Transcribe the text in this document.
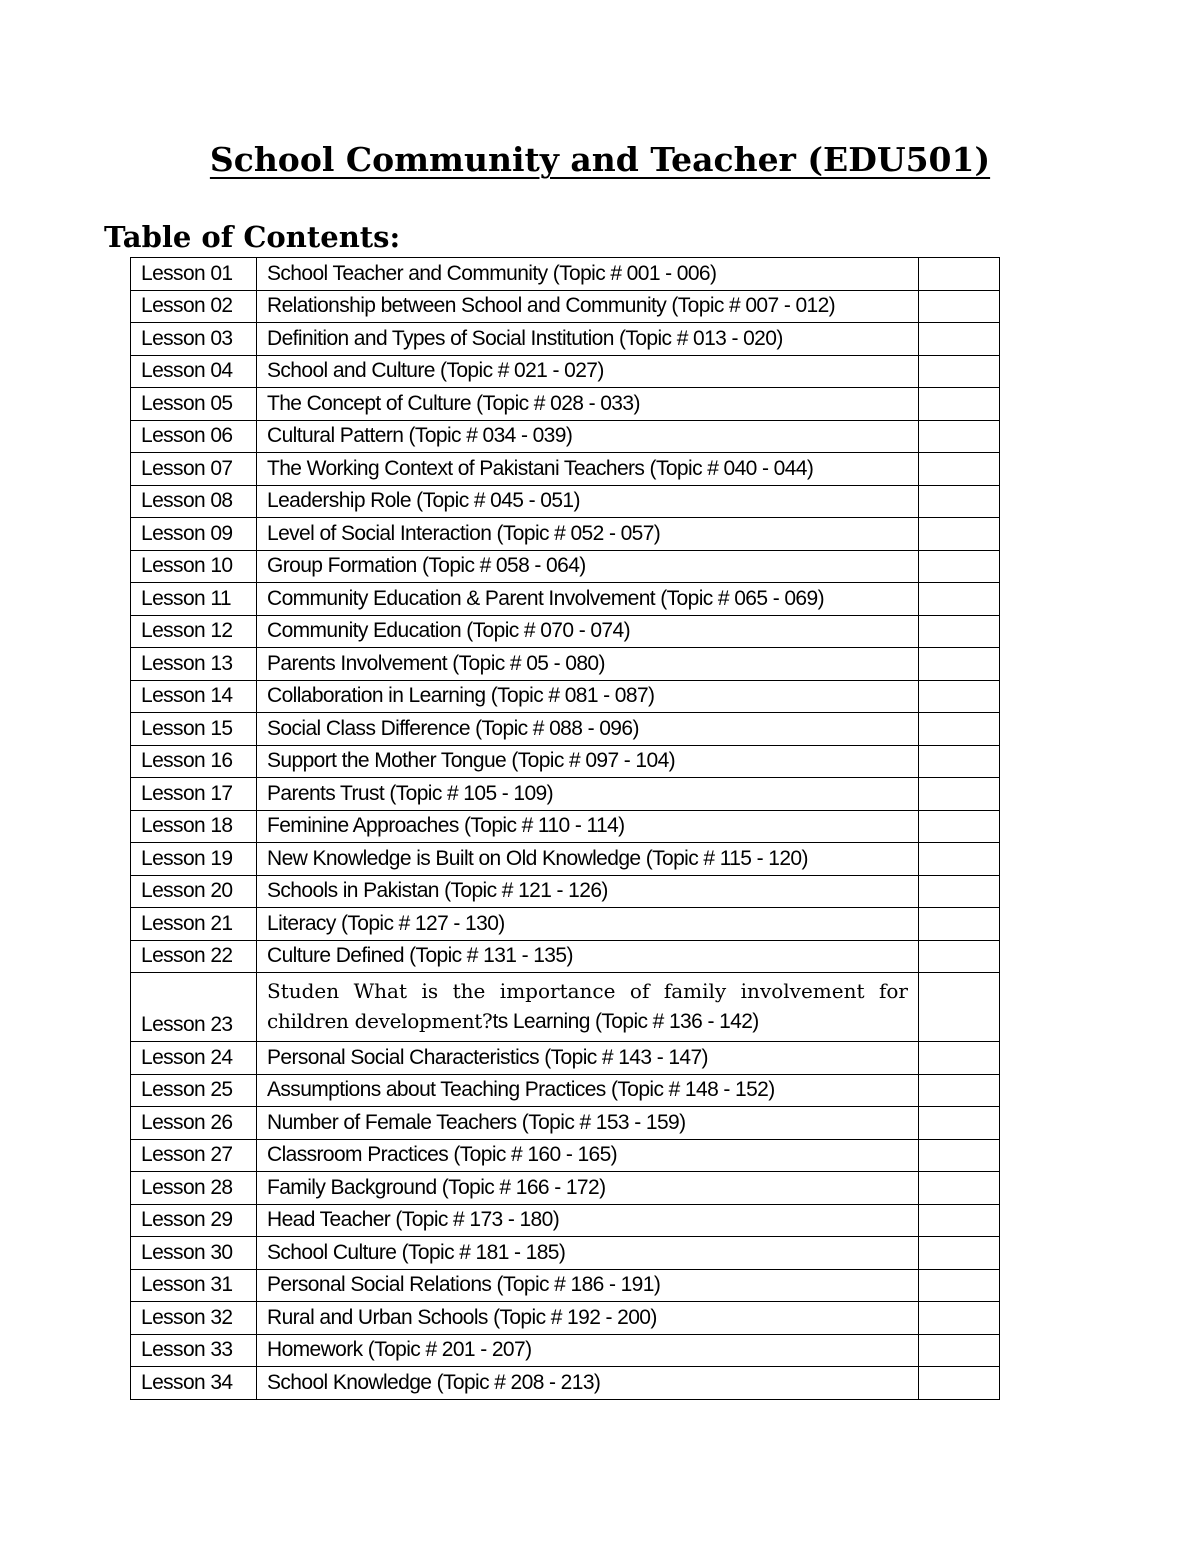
School Community and Teacher (EDU501)
Table of Contents:
Lesson 01	School Teacher and Community (Topic # 001 - 006)	
Lesson 02	Relationship between School and Community (Topic # 007 - 012)	
Lesson 03	Definition and Types of Social Institution (Topic # 013 - 020)	
Lesson 04	School and Culture (Topic # 021 - 027)	
Lesson 05	The Concept of Culture (Topic # 028 - 033)	
Lesson 06	Cultural Pattern (Topic # 034 - 039)	
Lesson 07	The Working Context of Pakistani Teachers (Topic # 040 - 044)	
Lesson 08	Leadership Role (Topic # 045 - 051)	
Lesson 09	Level of Social Interaction (Topic # 052 - 057)	
Lesson 10	Group Formation (Topic # 058 - 064)	
Lesson 11	Community Education & Parent Involvement (Topic # 065 - 069)	
Lesson 12	Community Education (Topic # 070 - 074)	
Lesson 13	Parents Involvement (Topic # 05 - 080)	
Lesson 14	Collaboration in Learning (Topic # 081 - 087)	
Lesson 15	Social Class Difference (Topic # 088 - 096)	
Lesson 16	Support the Mother Tongue (Topic # 097 - 104)	
Lesson 17	Parents Trust (Topic # 105 - 109)	
Lesson 18	Feminine Approaches (Topic # 110 - 114)	
Lesson 19	New Knowledge is Built on Old Knowledge (Topic # 115 - 120)	
Lesson 20	Schools in Pakistan (Topic # 121 - 126)	
Lesson 21	Literacy (Topic # 127 - 130)	
Lesson 22	Culture Defined (Topic # 131 - 135)	
Lesson 23	Studen What is the importance of family involvement for
children development?ts Learning (Topic # 136 - 142)	

Lesson 24	Personal Social Characteristics (Topic # 143 - 147)	
Lesson 25	Assumptions about Teaching Practices (Topic # 148 - 152)	
Lesson 26	Number of Female Teachers (Topic # 153 - 159)	
Lesson 27	Classroom Practices (Topic # 160 - 165)	
Lesson 28	Family Background (Topic # 166 - 172)	
Lesson 29	Head Teacher (Topic # 173 - 180)	
Lesson 30	School Culture (Topic # 181 - 185)	
Lesson 31	Personal Social Relations (Topic # 186 - 191)	
Lesson 32	Rural and Urban Schools (Topic # 192 - 200)	
Lesson 33	Homework (Topic # 201 - 207)	
Lesson 34	School Knowledge (Topic # 208 - 213)	
